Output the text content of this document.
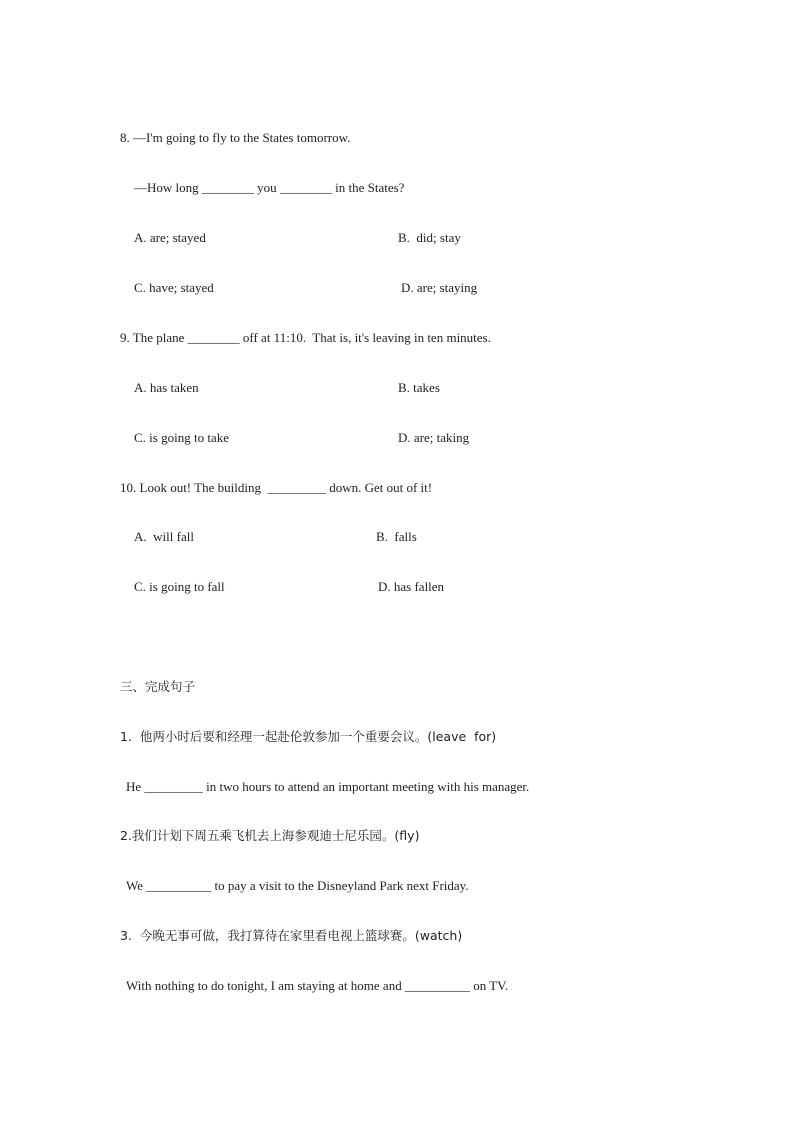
8. —I'm going to fly to the States tomorrow.
—How long ________ you ________ in the States?
A. are; stayed	B.  did; stay
C. have; stayed	D. are; staying
9. The plane ________ off at 11:10.  That is, it's leaving in ten minutes.
A. has taken	B. takes
C. is going to take	D. are; taking
10. Look out! The building  _________ down. Get out of it!
A.  will fall	B.  falls
C. is going to fall	D. has fallen
三、完成句子
1.  他两小时后要和经理一起赴伦敦参加一个重要会议。(leave  for)
He _________ in two hours to attend an important meeting with his manager.
2.我们计划下周五乘飞机去上海参观迪士尼乐园。(fly)
We __________ to pay a visit to the Disneyland Park next Friday.
3.  今晚无事可做，我打算待在家里看电视上篮球赛。(watch)
With nothing to do tonight, I am staying at home and __________ on TV.
